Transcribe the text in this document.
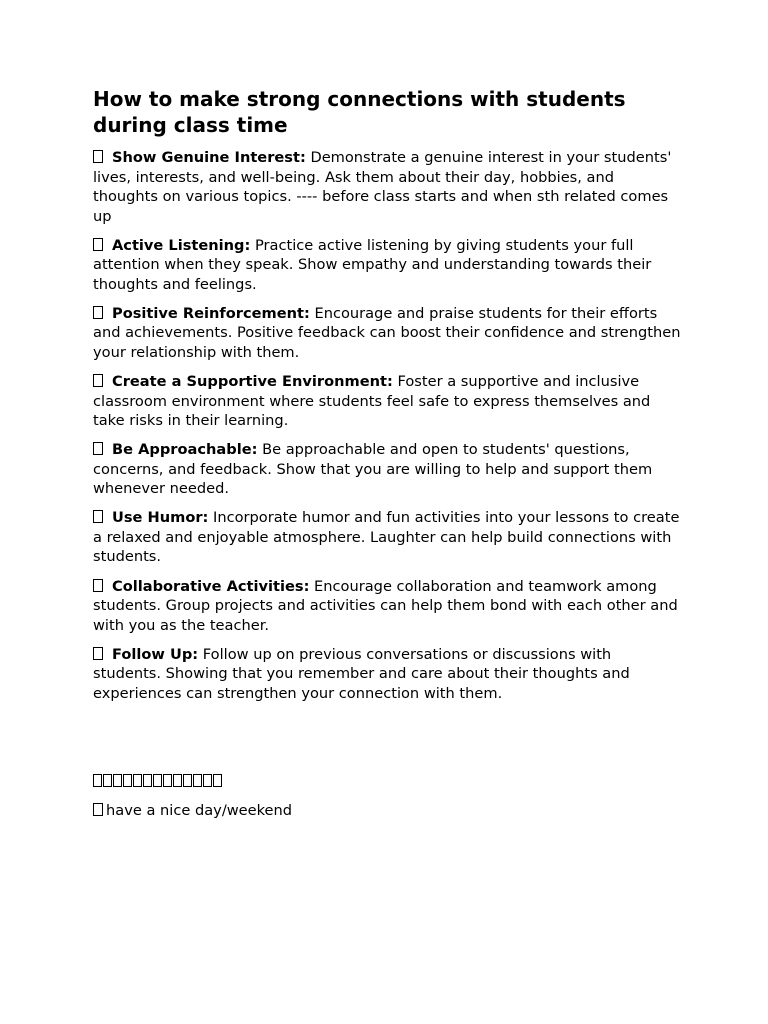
How to make strong connections with students during class time

Show Genuine Interest: Demonstrate a genuine interest in your students' lives, interests, and well-being. Ask them about their day, hobbies, and thoughts on various topics. ---- before class starts and when sth related comes up

Active Listening: Practice active listening by giving students your full attention when they speak. Show empathy and understanding towards their thoughts and feelings.

Positive Reinforcement: Encourage and praise students for their efforts and achievements. Positive feedback can boost their confidence and strengthen your relationship with them.

Create a Supportive Environment: Foster a supportive and inclusive classroom environment where students feel safe to express themselves and take risks in their learning.

Be Approachable: Be approachable and open to students' questions, concerns, and feedback. Show that you are willing to help and support them whenever needed.

Use Humor: Incorporate humor and fun activities into your lessons to create a relaxed and enjoyable atmosphere. Laughter can help build connections with students.

Collaborative Activities: Encourage collaboration and teamwork among students. Group projects and activities can help them bond with each other and with you as the teacher.

Follow Up: Follow up on previous conversations or discussions with students. Showing that you remember and care about their thoughts and experiences can strengthen your connection with them.

have a nice day/weekend
